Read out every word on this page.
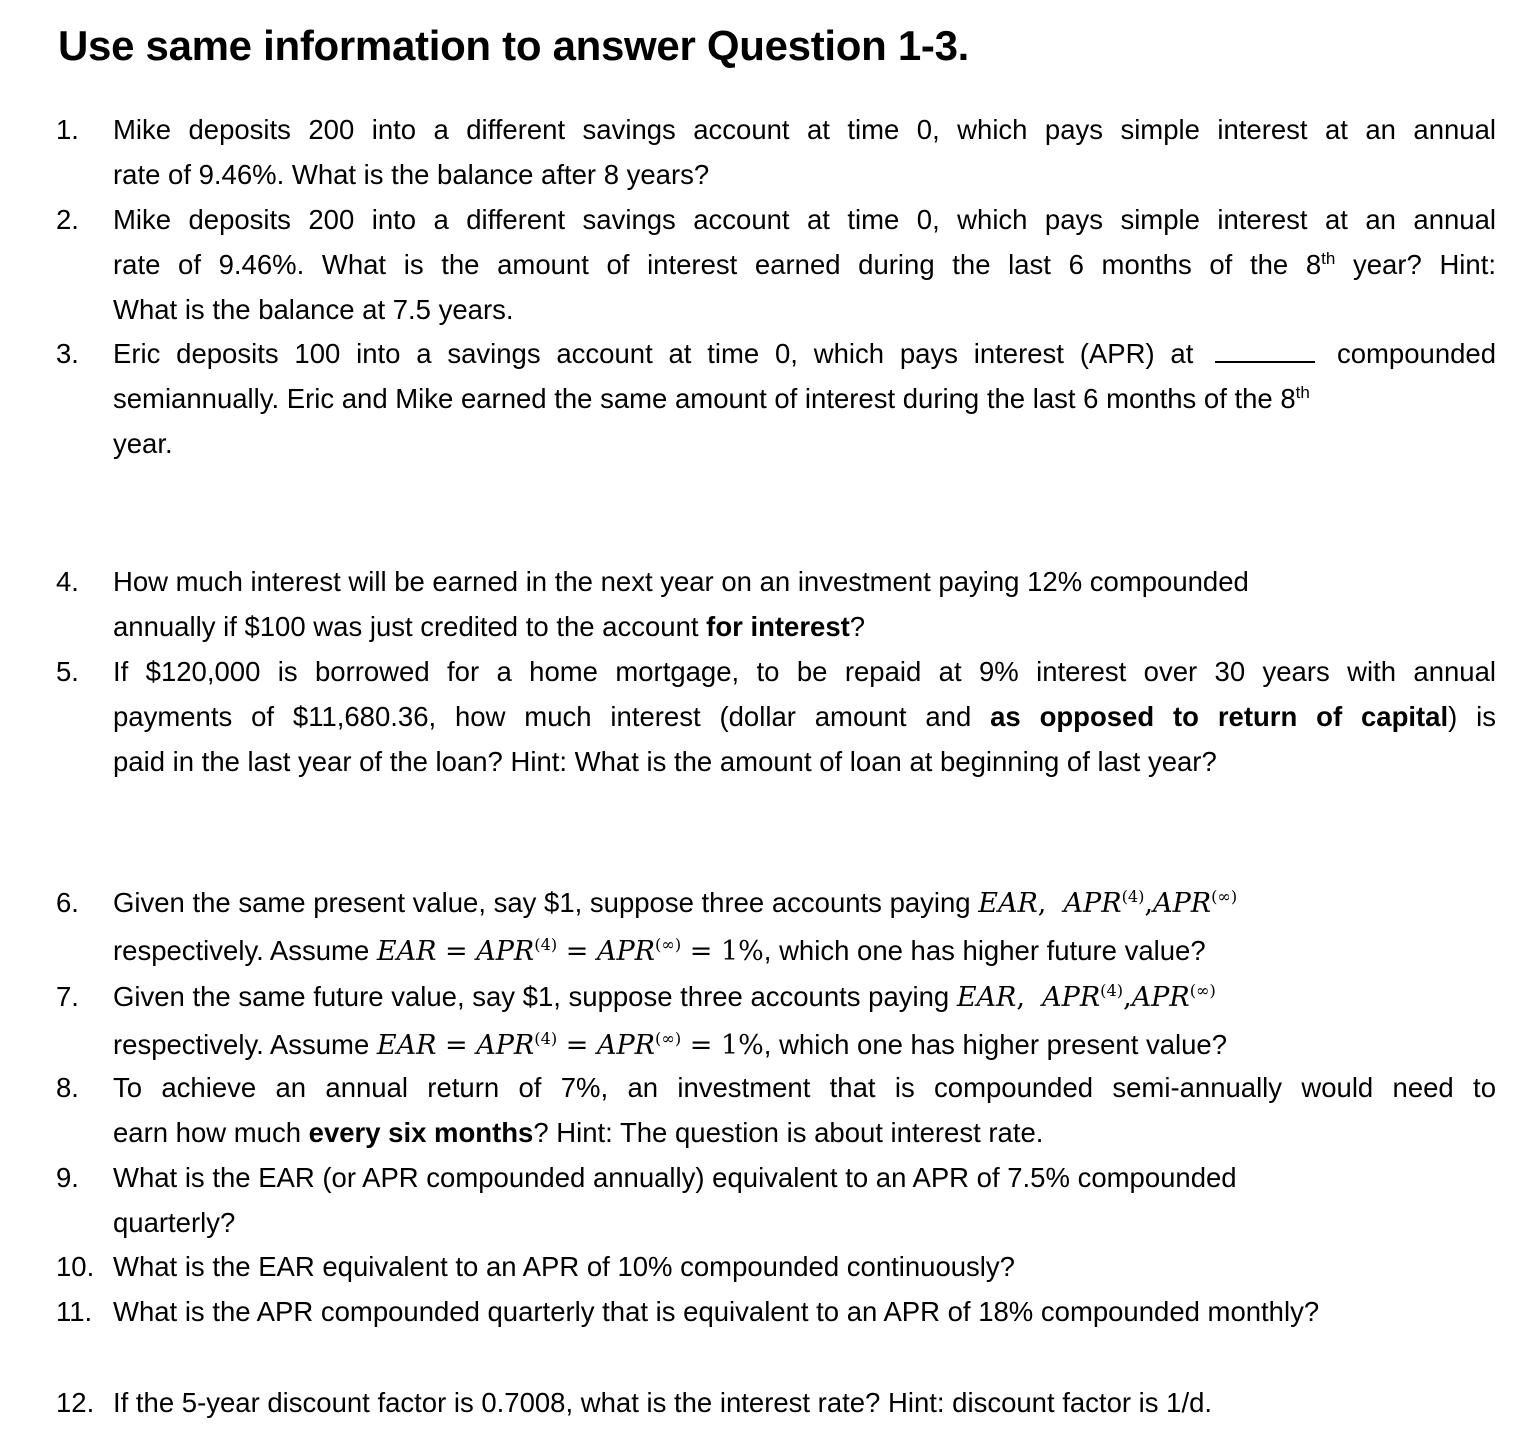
Use same information to answer Question 1-3.
1.	Mike deposits 200 into a different savings account at time 0, which pays simple interest at an annual
rate of 9.46%. What is the balance after 8 years?
2.	Mike deposits 200 into a different savings account at time 0, which pays simple interest at an annual
rate of 9.46%. What is the amount of interest earned during the last 6 months of the 8th year? Hint:
What is the balance at 7.5 years.
3.	Eric deposits 100 into a savings account at time 0, which pays interest (APR) at	compounded
semiannually. Eric and Mike earned the same amount of interest during the last 6 months of the 8th
year.
4.	How much interest will be earned in the next year on an investment paying 12% compounded
annually if $100 was just credited to the account for interest?
5.	If $120,000 is borrowed for a home mortgage, to be repaid at 9% interest over 30 years with annual
payments of $11,680.36, how much interest (dollar amount and as opposed to return of capital) is
paid in the last year of the loan? Hint: What is the amount of loan at beginning of last year?
6.	Given the same present value, say $1, suppose three accounts paying EAR, APR$^{(4)}$,APR(∞)
respectively. Assume EAR = $APR^{(4)} = APR^{(\infty)} = 1\%$, which one has higher future value?
7.	Given the same future value, say $1, suppose three accounts paying EAR, APR$^{(4)}$,APR(∞)
respectively. Assume EAR = $APR^{(4)} = APR^{(\infty)} = 1\%$, which one has higher present value?
8.	To achieve an annual return of 7%, an investment that is compounded semi-annually would need to
earn how much every six months? Hint: The question is about interest rate.
9.	What is the EAR (or APR compounded annually) equivalent to an APR of 7.5% compounded
quarterly?
10. What is the EAR equivalent to an APR of 10% compounded continuously?
11. What is the APR compounded quarterly that is equivalent to an APR of 18% compounded monthly?
12. If the 5-year discount factor is 0.7008, what is the interest rate? Hint: discount factor is 1/d.
